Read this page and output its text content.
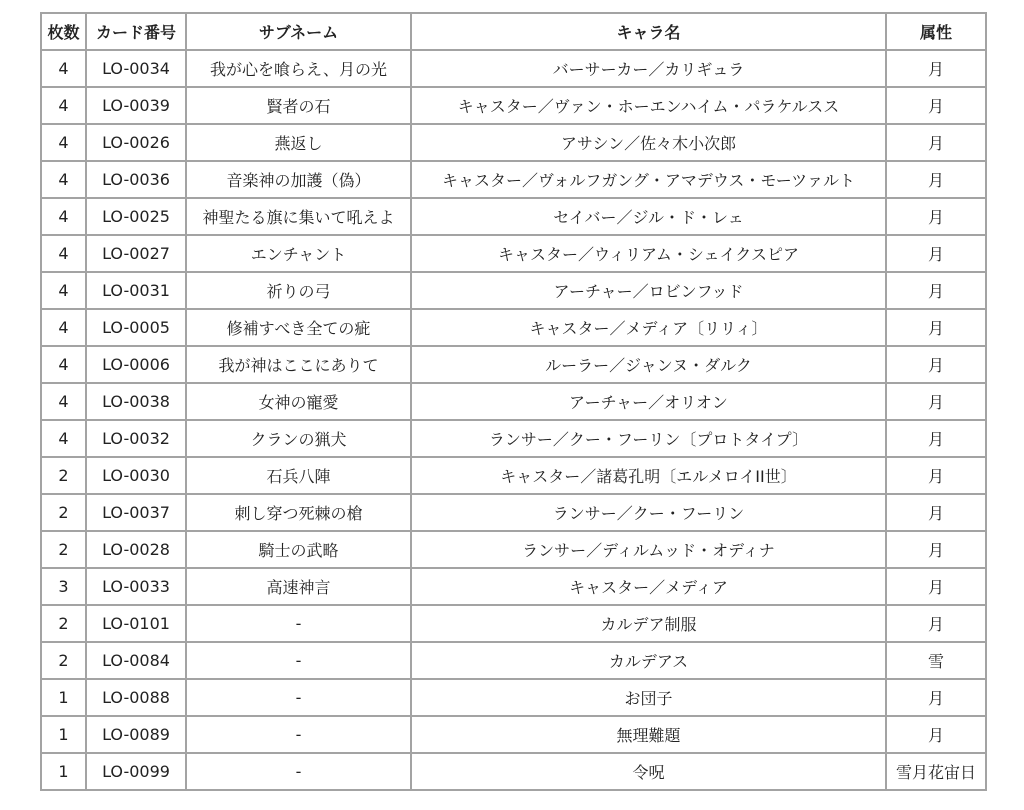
枚数	カード番号	サブネーム	キャラ名	属性
4	LO-0034	我が心を喰らえ、月の光	バーサーカー／カリギュラ	月
4	LO-0039	賢者の石	キャスター／ヴァン・ホーエンハイム・パラケルスス	月
4	LO-0026	燕返し	アサシン／佐々木小次郎	月
4	LO-0036	音楽神の加護（偽）	キャスター／ヴォルフガング・アマデウス・モーツァルト	月
4	LO-0025	神聖たる旗に集いて吼えよ	セイバー／ジル・ド・レェ	月
4	LO-0027	エンチャント	キャスター／ウィリアム・シェイクスピア	月
4	LO-0031	祈りの弓	アーチャー／ロビンフッド	月
4	LO-0005	修補すべき全ての疵	キャスター／メディア〔リリィ〕	月
4	LO-0006	我が神はここにありて	ルーラー／ジャンヌ・ダルク	月
4	LO-0038	女神の寵愛	アーチャー／オリオン	月
4	LO-0032	クランの猟犬	ランサー／クー・フーリン〔プロトタイプ〕	月
2	LO-0030	石兵八陣	キャスター／諸葛孔明〔エルメロイII世〕	月
2	LO-0037	刺し穿つ死棘の槍	ランサー／クー・フーリン	月
2	LO-0028	騎士の武略	ランサー／ディルムッド・オディナ	月
3	LO-0033	高速神言	キャスター／メディア	月
2	LO-0101	-	カルデア制服	月
2	LO-0084	-	カルデアス	雪
1	LO-0088	-	お団子	月
1	LO-0089	-	無理難題	月
1	LO-0099	-	令呪	雪月花宙日
